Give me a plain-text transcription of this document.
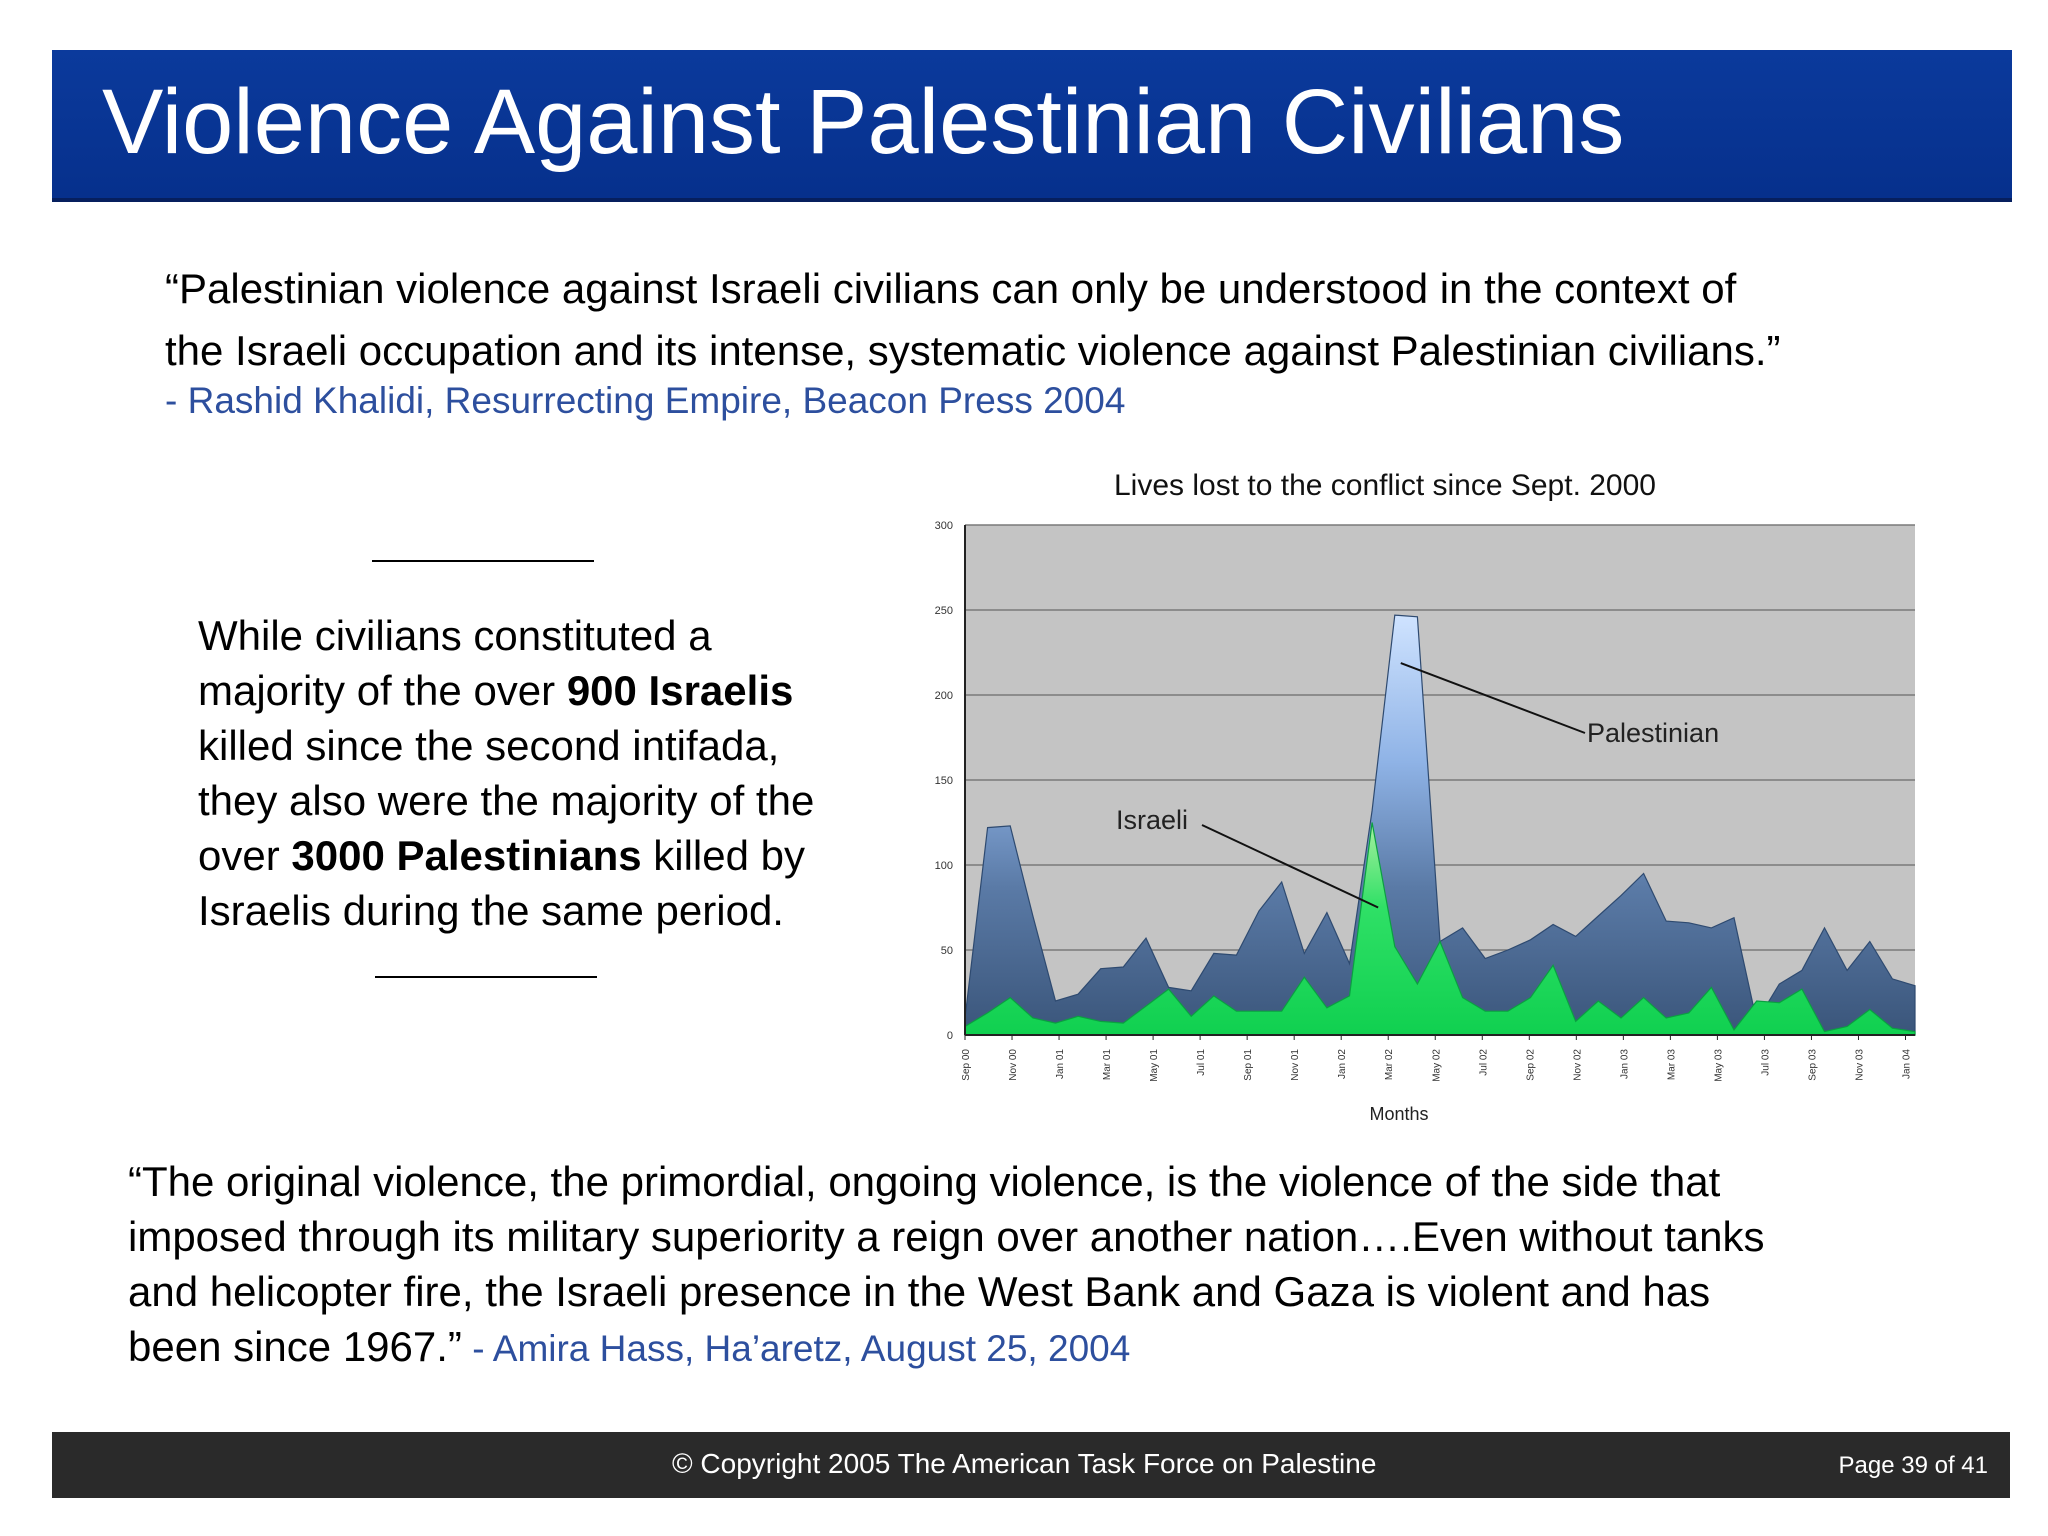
Violence Against Palestinian Civilians
“Palestinian violence against Israeli civilians can only be understood in the context of
the Israeli occupation and its intense, systematic violence against Palestinian civilians.”
- Rashid Khalidi, Resurrecting Empire, Beacon Press 2004
While civilians constituted a
majority of the over 900 Israelis
killed since the second intifada,
they also were the majority of the
over 3000 Palestinians killed by
Israelis during the same period.
Lives lost to the conflict since Sept. 2000
0
50
100
150
200
250
300
Sep 00	Nov 00	Jan 01	Mar 01	May 01	Jul 01	Sep 01	Nov 01	Jan 02	Mar 02	May 02	Jul 02	Sep 02	Nov 02	Jan 03	Mar 03	May 03	Jul 03	Sep 03	Nov 03	Jan 04
Palestinian
Israeli
Months
“The original violence, the primordial, ongoing violence, is the violence of the side that
imposed through its military superiority a reign over another nation….Even without tanks
and helicopter fire, the Israeli presence in the West Bank and Gaza is violent and has
been since 1967.” - Amira Hass, Ha’aretz, August 25, 2004
© Copyright 2005 The American Task Force on Palestine	Page 39 of 41
